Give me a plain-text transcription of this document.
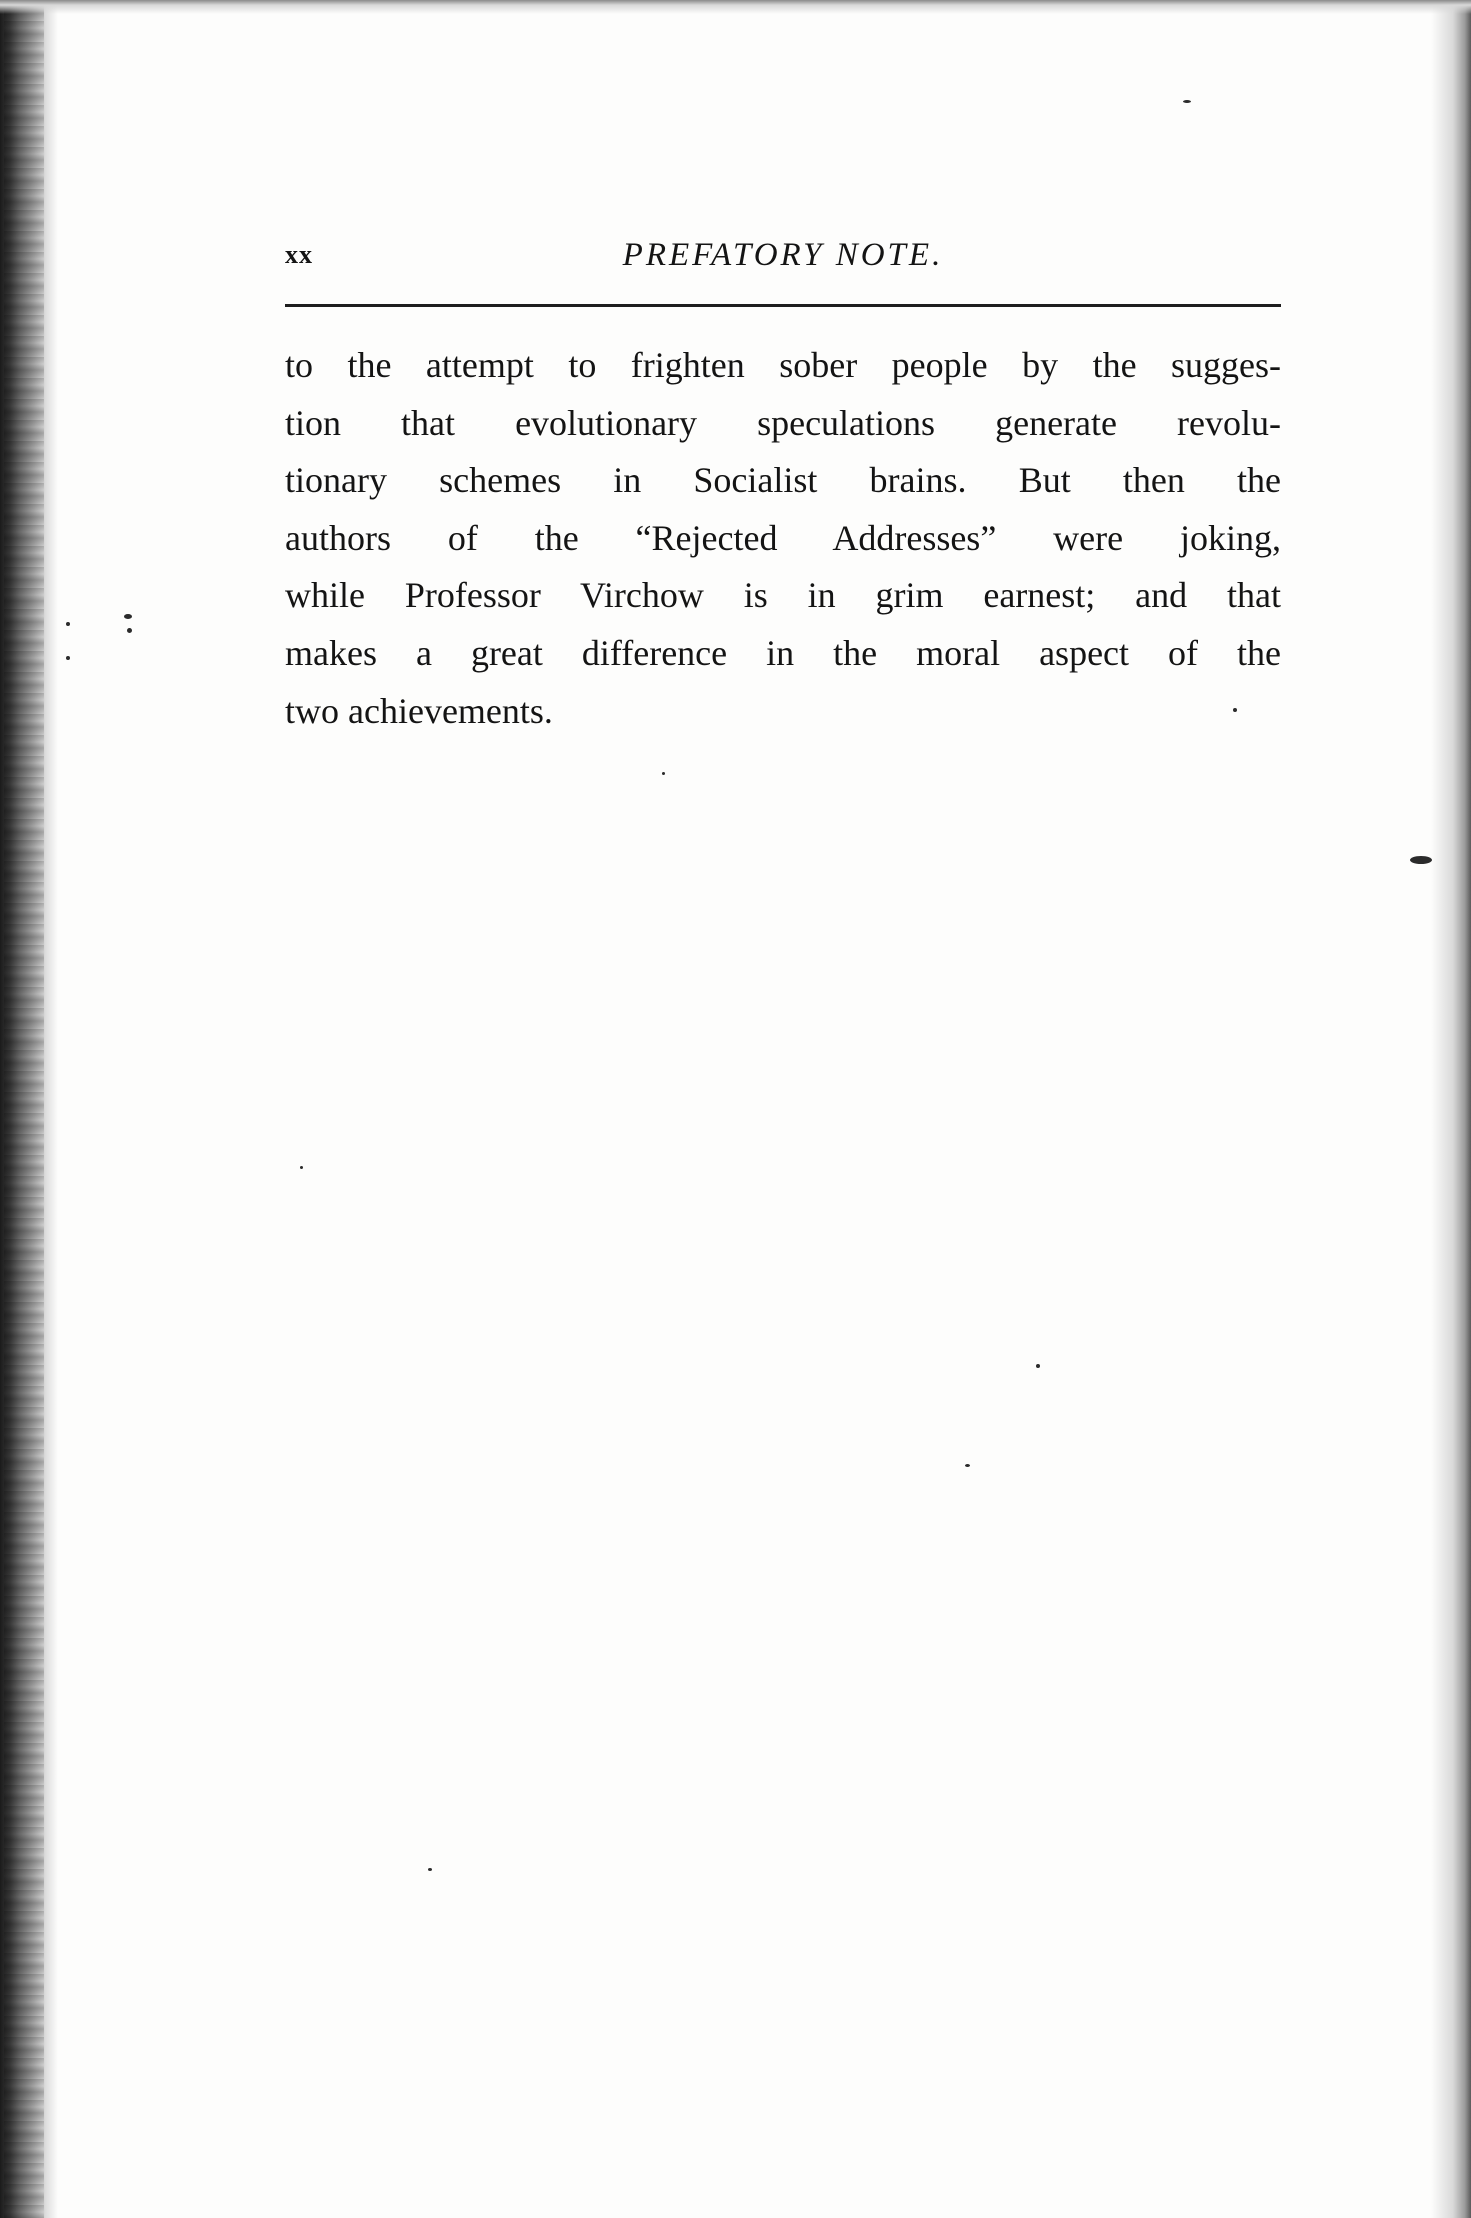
xx	PREFATORY NOTE.
to the attempt to frighten sober people by the sugges-
tion that evolutionary speculations generate revolu-
tionary schemes in Socialist brains. But then the
authors of the “Rejected Addresses” were joking,
while Professor Virchow is in grim earnest; and that
makes a great difference in the moral aspect of the
two achievements.
